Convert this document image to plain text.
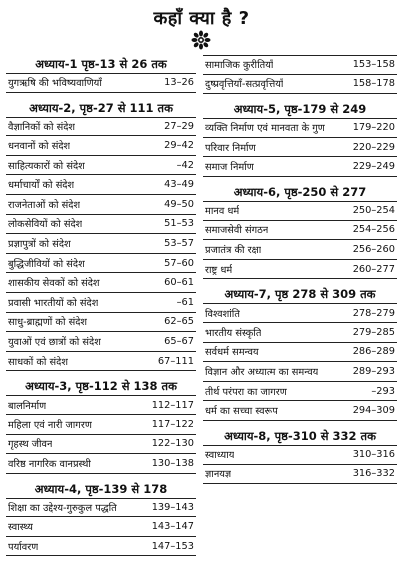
कहाँ क्या है ?
अध्याय-1 पृष्ठ-13 से 26 तक
युगऋषि की भविष्यवाणियाँ	13–26
अध्याय-2, पृष्ठ-27 से 111 तक
वैज्ञानिकों को संदेश	27–29
धनवानों को संदेश	29–42
साहित्यकारों को संदेश	–42
धर्माचार्यों को संदेश	43–49
राजनेताओं को संदेश	49–50
लोकसेवियों को संदेश	51–53
प्रज्ञापुत्रों को संदेश	53–57
बुद्धिजीवियों को संदेश	57–60
शासकीय सेवकों को संदेश	60–61
प्रवासी भारतीयों को संदेश	–61
साधु-ब्राह्मणों को संदेश	62–65
युवाओं एवं छात्रों को संदेश	65–67
साधकों को संदेश	67–111
अध्याय-3, पृष्ठ-112 से 138 तक
बालनिर्माण	112–117
महिला एवं नारी जागरण	117–122
गृहस्थ जीवन	122–130
वरिष्ठ नागरिक वानप्रस्थी	130–138
अध्याय-4, पृष्ठ-139 से 178
शिक्षा का उद्देश्य-गुरुकुल पद्धति	139–143
स्वास्थ्य	143–147
पर्यावरण	147–153
सामाजिक कुरीतियाँ	153–158
दुष्प्रवृत्तियाँ-सत्प्रवृत्तियाँ	158–178
अध्याय-5, पृष्ठ-179 से 249
व्यक्ति निर्माण एवं मानवता के गुण	179–220
परिवार निर्माण	220–229
समाज निर्माण	229–249
अध्याय-6, पृष्ठ-250 से 277
मानव धर्म	250–254
समाजसेवी संगठन	254–256
प्रजातंत्र की रक्षा	256–260
राष्ट्र धर्म	260–277
अध्याय-7, पृष्ठ 278 से 309 तक
विश्वशांति	278–279
भारतीय संस्कृति	279–285
सर्वधर्म समन्वय	286–289
विज्ञान और अध्यात्म का समन्वय	289–293
तीर्थ परंपरा का जागरण	–293
धर्म का सच्चा स्वरूप	294–309
अध्याय-8, पृष्ठ-310 से 332 तक
स्वाध्याय	310–316
ज्ञानयज्ञ	316–332
